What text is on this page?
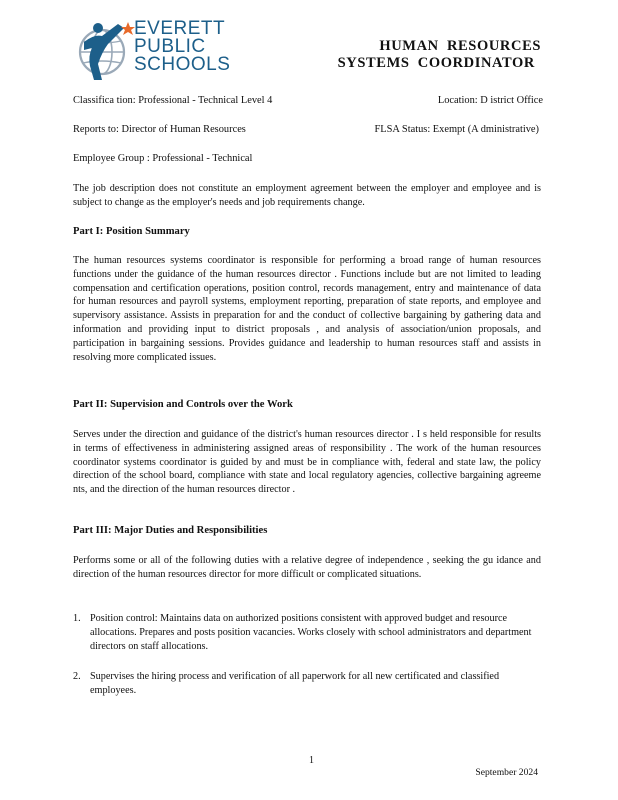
EVERETT
PUBLIC
SCHOOLS
HUMAN RESOURCES
SYSTEMS COORDINATOR
Classifica tion: Professional - Technical Level 4	Location: D istrict Office
Reports to: Director of Human Resources	FLSA Status: Exempt (A dministrative)
Employee Group : Professional - Technical
The job description does not constitute an employment agreement between the employer and employee and is subject to change as the employer's needs and job requirements change.
Part I: Position Summary
The human resources systems coordinator is responsible for performing a broad range of human resources functions under the guidance of the human resources director . Functions include but are not limited to leading compensation and certification operations, position control, records management, entry and maintenance of data for human resources and payroll systems, employment reporting, preparation of state reports, and employee and supervisory assistance. Assists in preparation for and the conduct of collective bargaining by gathering data and information and providing input to district proposals , and analysis of association/union proposals, and participation in bargaining sessions. Provides guidance and leadership to human resources staff and assists in resolving more complicated issues.
Part II: Supervision and Controls over the Work
Serves under the direction and guidance of the district's human resources director . I s held responsible for results in terms of effectiveness in administering assigned areas of responsibility . The work of the human resources coordinator systems coordinator is guided by and must be in compliance with, federal and state law, the policy direction of the school board, compliance with state and local regulatory agencies, collective bargaining agreeme nts, and the direction of the human resources director .
Part III: Major Duties and Responsibilities
Performs some or all of the following duties with a relative degree of independence , seeking the gu idance and direction of the human resources director for more difficult or complicated situations.
1. Position control: Maintains data on authorized positions consistent with approved budget and resource allocations. Prepares and posts position vacancies. Works closely with school administrators and department directors on staff allocations.
2. Supervises the hiring process and verification of all paperwork for all new certificated and classified employees.
1
September 2024
